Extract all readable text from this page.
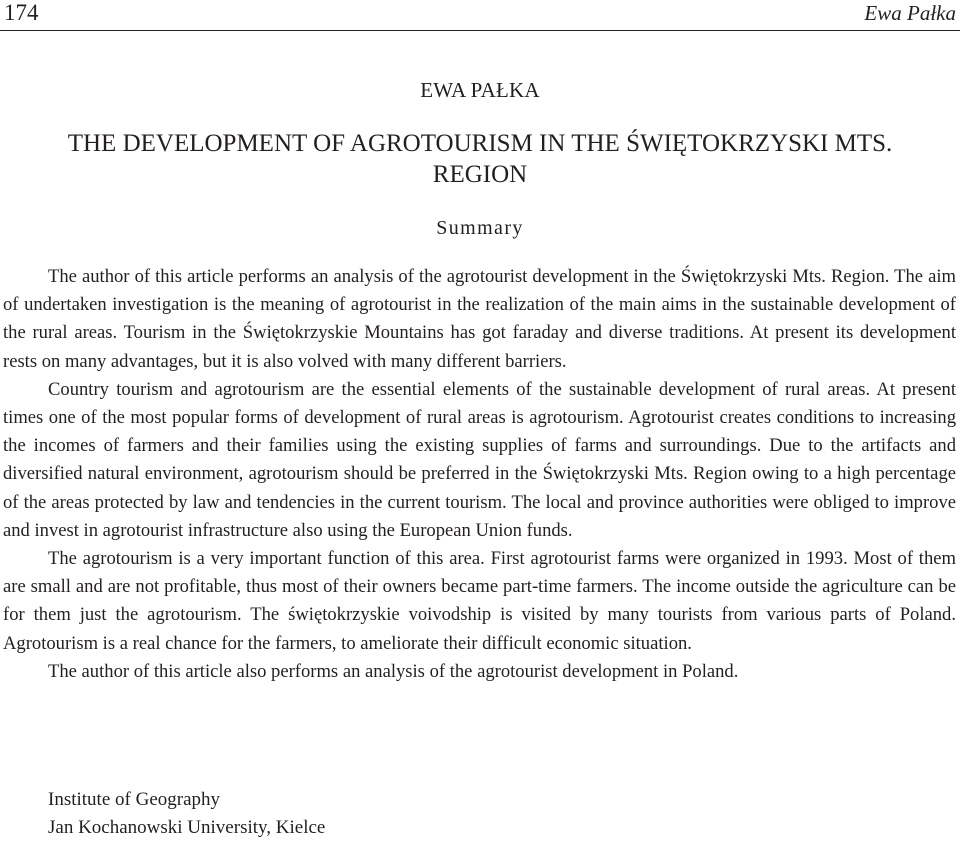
174	Ewa Pałka
EWA PAŁKA
THE DEVELOPMENT OF AGROTOURISM IN THE ŚWIĘTOKRZYSKI MTS. REGION
Summary

The author of this article performs an analysis of the agrotourist development in the Świętokrzyski Mts. Region. The aim of undertaken investigation is the meaning of agrotourist in the realization of the main aims in the sustainable development of the rural areas. Tourism in the Świętokrzyskie Mountains has got faraday and diverse traditions. At present its development rests on many advantages, but it is also volved with many different barriers.

Country tourism and agrotourism are the essential elements of the sustainable development of rural areas. At present times one of the most popular forms of development of rural areas is agrotourism. Agrotourist creates conditions to increasing the incomes of farmers and their families using the existing supplies of farms and surroundings. Due to the artifacts and diversified natural environment, agrotourism should be preferred in the Świętokrzyski Mts. Region owing to a high percentage of the areas protected by law and tendencies in the current tourism. The local and province authorities were obliged to improve and invest in agrotourist infrastructure also using the European Union funds.

The agrotourism is a very important function of this area. First agrotourist farms were organized in 1993. Most of them are small and are not profitable, thus most of their owners became part-time farmers. The income outside the agriculture can be for them just the agrotourism. The świętokrzyskie voivodship is visited by many tourists from various parts of Poland. Agrotourism is a real chance for the farmers, to ameliorate their difficult economic situation.

The author of this article also performs an analysis of the agrotourist development in Poland.

Institute of Geography
Jan Kochanowski University, Kielce
